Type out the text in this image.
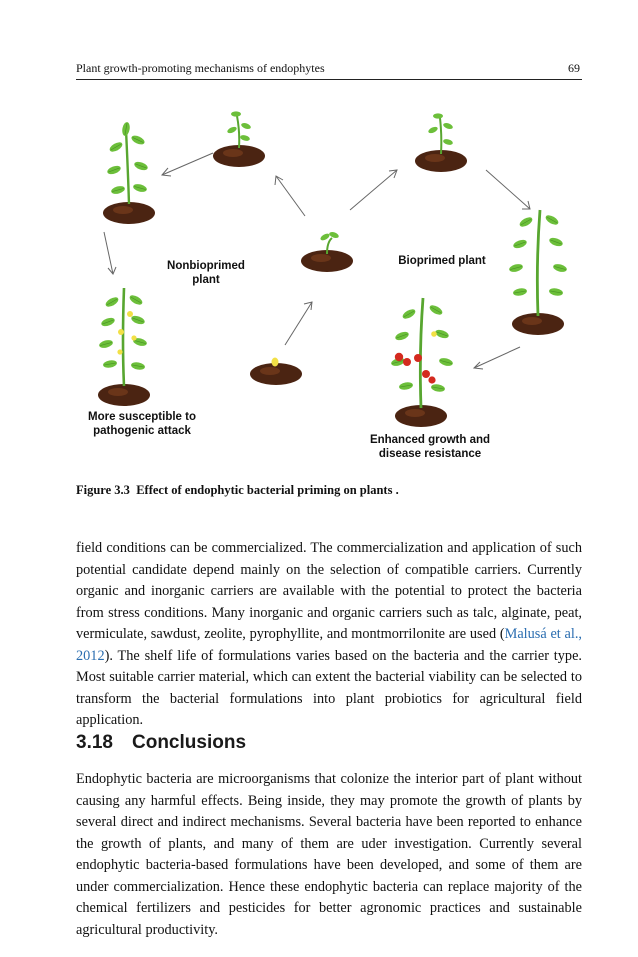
Plant growth-promoting mechanisms of endophytes	69
Nonbioprimed
plant
Bioprimed plant
More susceptible to
pathogenic attack
Enhanced growth and
disease resistance
Figure 3.3 Effect of endophytic bacterial priming on plants .

field conditions can be commercialized. The commercialization and application of such potential candidate depend mainly on the selection of compatible carriers. Currently organic and inorganic carriers are available with the potential to protect the bacteria from stress conditions. Many inorganic and organic carriers such as talc, alginate, peat, vermiculate, sawdust, zeolite, pyrophyllite, and montmorrilonite are used (Malusá et al., 2012). The shelf life of formulations varies based on the bacteria and the carrier type. Most suitable carrier material, which can extent the bacterial viability can be selected to transform the bacterial formulations into plant probiotics for agricultural field application.

3.18 Conclusions

Endophytic bacteria are microorganisms that colonize the interior part of plant without causing any harmful effects. Being inside, they may promote the growth of plants by several direct and indirect mechanisms. Several bacteria have been reported to enhance the growth of plants, and many of them are uder investigation. Currently several endophytic bacteria-based formulations have been developed, and some of them are under commercialization. Hence these endophytic bacteria can replace majority of the chemical fertilizers and pesticides for better agronomic practices and sustainable agricultural productivity.
